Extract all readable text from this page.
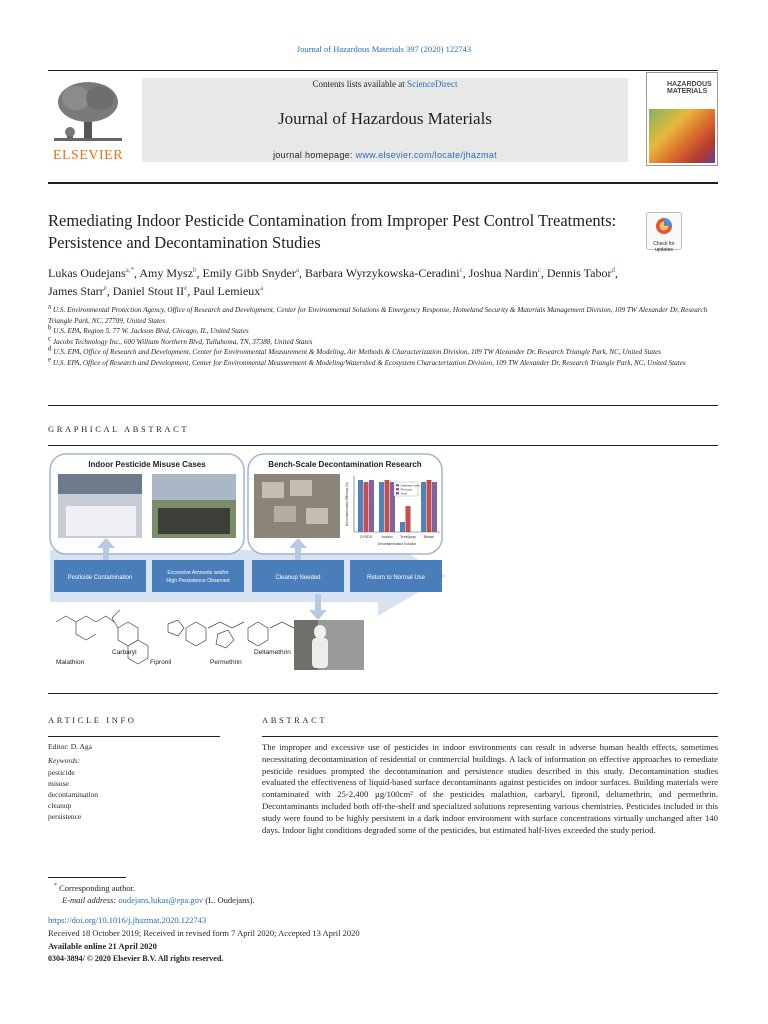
Journal of Hazardous Materials 397 (2020) 122743
ELSEVIER
Contents lists available at ScienceDirect
Journal of Hazardous Materials
journal homepage: www.elsevier.com/locate/jhazmat
HAZARDOUS MATERIALS
Remediating Indoor Pesticide Contamination from Improper Pest Control Treatments: Persistence and Decontamination Studies	Check for updates
Lukas Oudejans$^{a,*}$, Amy Mysz$^b$, Emily Gibb Snyder$^a$, Barbara Wyrzykowska-Ceradini$^c$, Joshua Nardin$^c$, Dennis Tabor$^d$, James Starr$^e$, Daniel Stout IIe, Paul Lemieux$^a$
$^a$ U.S. Environmental Protection Agency, Office of Research and Development, Center for Environmental Solutions & Emergency Response, Homeland Security & Materials Management Division, 109 TW Alexander Dr, Research Triangle Park, NC, 27709, United States
$^b$ U.S. EPA, Region 5, 77 W. Jackson Blvd, Chicago, IL, United States
$^c$ Jacobs Technology Inc., 600 William Northern Blvd, Tullahoma, TN, 37388, United States
$^d$ U.S. EPA, Office of Research and Development, Center for Environmental Measurement & Modeling, Air Methods & Characterization Division, 109 TW Alexander Dr, Research Triangle Park, NC, United States
$^e$ U.S. EPA, Office of Research and Development, Center for Environmental Measurement & Modeling/Watershed & Ecosystem Characterization Division, 109 TW Alexander Dr, Research Triangle Park, NC, United States
GRAPHICAL ABSTRACT
Indoor Pesticide Misuse Cases	Bench-Scale Decontamination Research
Decontamination Efficacy (%)
Decontamination Solution
DYSDS	Nuvitox TexaSpray Bleach
Stainless steel
Plywood
Vinyl
Pesticide Contamination
Excessive Amounts and/or
High Persistence Observed	Cleanup Needed	Return to Normal Use
Malathion
Carbaryl
Fipronil	Permethrin
Deltamethrin
ARTICLE INFO
Editor: D. Aga
Keywords:
pesticide
misuse
decontamination
cleanup
persistence
ABSTRACT
The improper and excessive use of pesticides in indoor environments can result in adverse human health effects, sometimes necessitating decontamination of residential or commercial buildings. A lack of information on effective approaches to remediate pesticide residues prompted the decontamination and persistence studies described in this study. Decontamination studies evaluated the effectiveness of liquid-based surface decontaminants against pesticides on indoor surfaces. Building materials were contaminated with 25-2,400 µg/100cm² of the pesticides malathion, carbaryl, fipronil, deltamethrin, and permethrin. Decontaminants included both off-the-shelf and specialized solutions representing various chemistries. Pesticides included in this study were found to be highly persistent in a dark indoor environment with surface concentrations virtually unchanged after 140 days. Indoor light conditions degraded some of the pesticides, but estimated half-lives exceeded the study period.
* Corresponding author.
E-mail address: oudejans.lukas@epa.gov (L. Oudejans).
https://doi.org/10.1016/j.jhazmat.2020.122743
Received 18 October 2019; Received in revised form 7 April 2020; Accepted 13 April 2020
Available online 21 April 2020
0304-3894/ © 2020 Elsevier B.V. All rights reserved.
